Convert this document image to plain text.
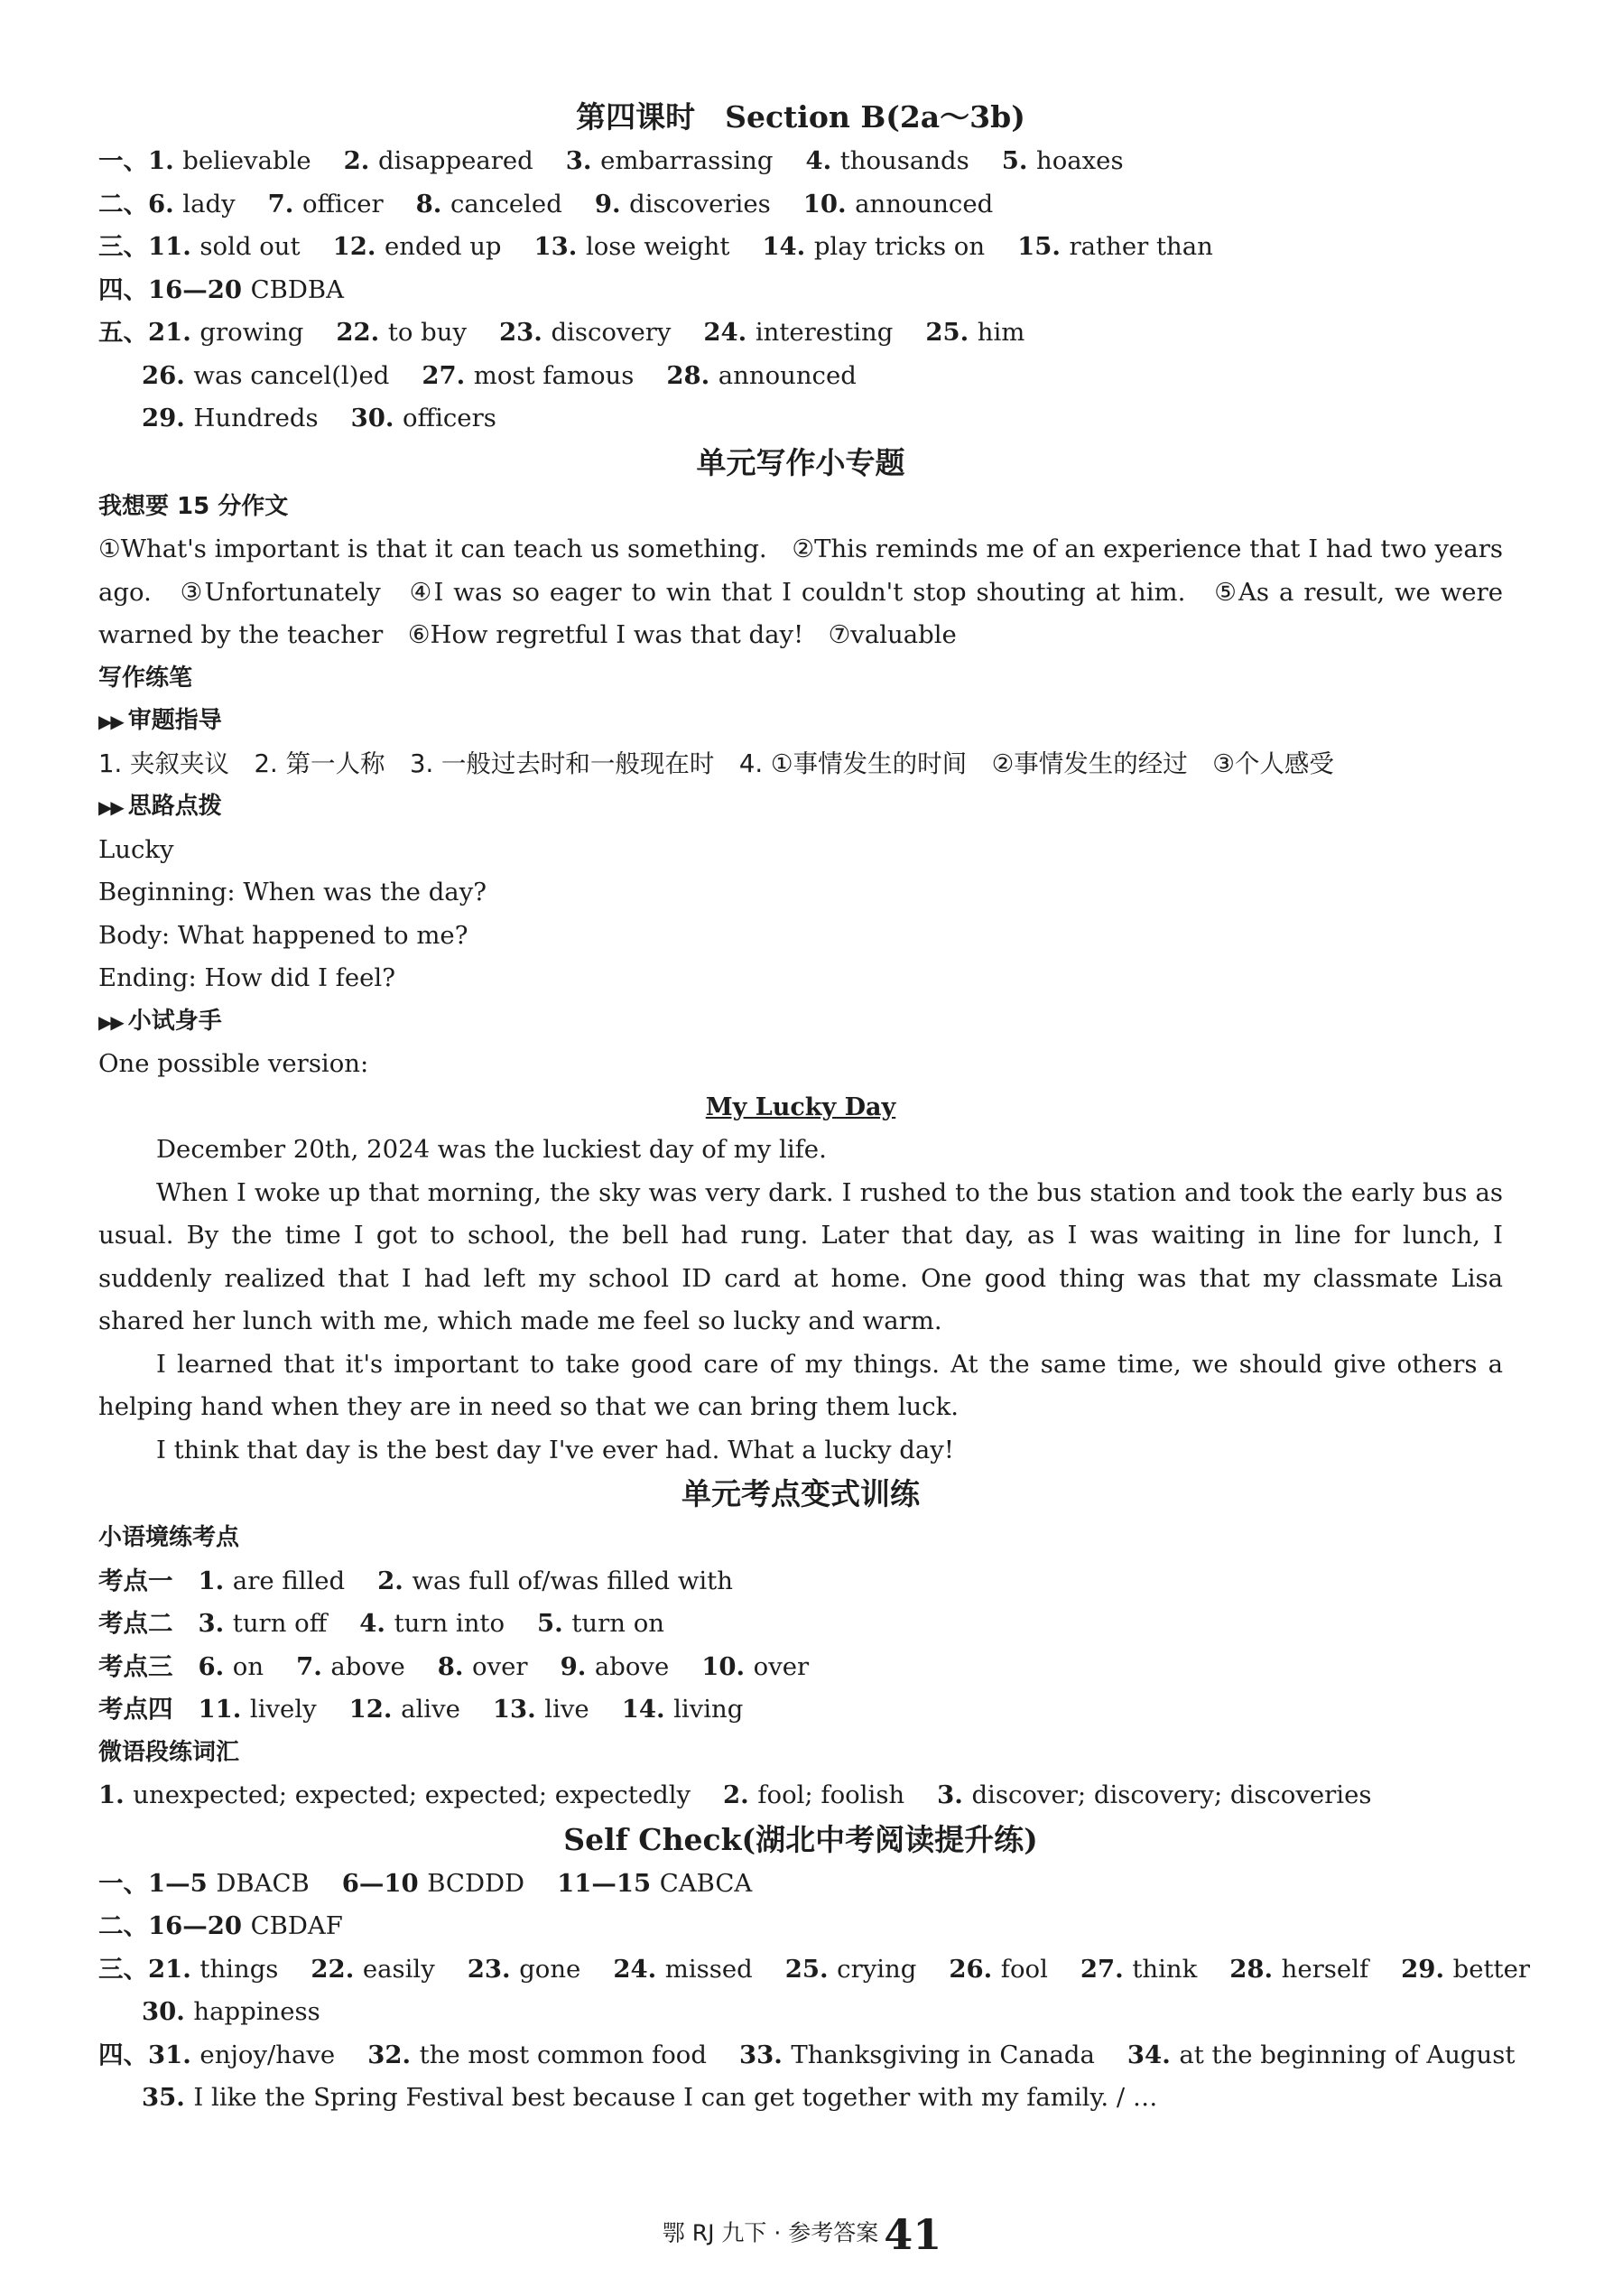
第四课时　Section B(2a～3b)
一、1. believable 2. disappeared 3. embarrassing 4. thousands 5. hoaxes
二、6. lady 7. officer 8. canceled 9. discoveries 10. announced
三、11. sold out 12. ended up 13. lose weight 14. play tricks on 15. rather than
四、16—20 CBDBA
五、21. growing 22. to buy 23. discovery 24. interesting 25. him
26. was cancel(l)ed 27. most famous 28. announced
29. Hundreds 30. officers
单元写作小专题
我想要 15 分作文
①What's important is that it can teach us something.　②This reminds me of an experience that I had two years ago.　③Unfortunately　④I was so eager to win that I couldn't stop shouting at him.　⑤As a result, we were warned by the teacher　⑥How regretful I was that day!　⑦valuable
写作练笔
▶▶ 审题指导
1. 夹叙夹议　2. 第一人称　3. 一般过去时和一般现在时　4. ①事情发生的时间　②事情发生的经过　③个人感受
▶▶ 思路点拨
Lucky
Beginning: When was the day?
Body: What happened to me?
Ending: How did I feel?
▶▶ 小试身手
One possible version:
My Lucky Day
December 20th, 2024 was the luckiest day of my life.
When I woke up that morning, the sky was very dark. I rushed to the bus station and took the early bus as usual. By the time I got to school, the bell had rung. Later that day, as I was waiting in line for lunch, I suddenly realized that I had left my school ID card at home. One good thing was that my classmate Lisa shared her lunch with me, which made me feel so lucky and warm.
I learned that it's important to take good care of my things. At the same time, we should give others a helping hand when they are in need so that we can bring them luck.
I think that day is the best day I've ever had. What a lucky day!
单元考点变式训练
小语境练考点
考点一 1. are filled 2. was full of/was filled with
考点二 3. turn off 4. turn into 5. turn on
考点三 6. on 7. above 8. over 9. above 10. over
考点四 11. lively 12. alive 13. live 14. living
微语段练词汇
1. unexpected; expected; expected; expectedly 2. fool; foolish 3. discover; discovery; discoveries
Self Check(湖北中考阅读提升练)
一、1—5 DBACB 6—10 BCDDD 11—15 CABCA
二、16—20 CBDAF
三、21. things 22. easily 23. gone 24. missed 25. crying 26. fool 27. think 28. herself 29. better
30. happiness
四、31. enjoy/have 32. the most common food 33. Thanksgiving in Canada 34. at the beginning of August
35. I like the Spring Festival best because I can get together with my family. / …
鄂 RJ 九下 · 参考答案 41
